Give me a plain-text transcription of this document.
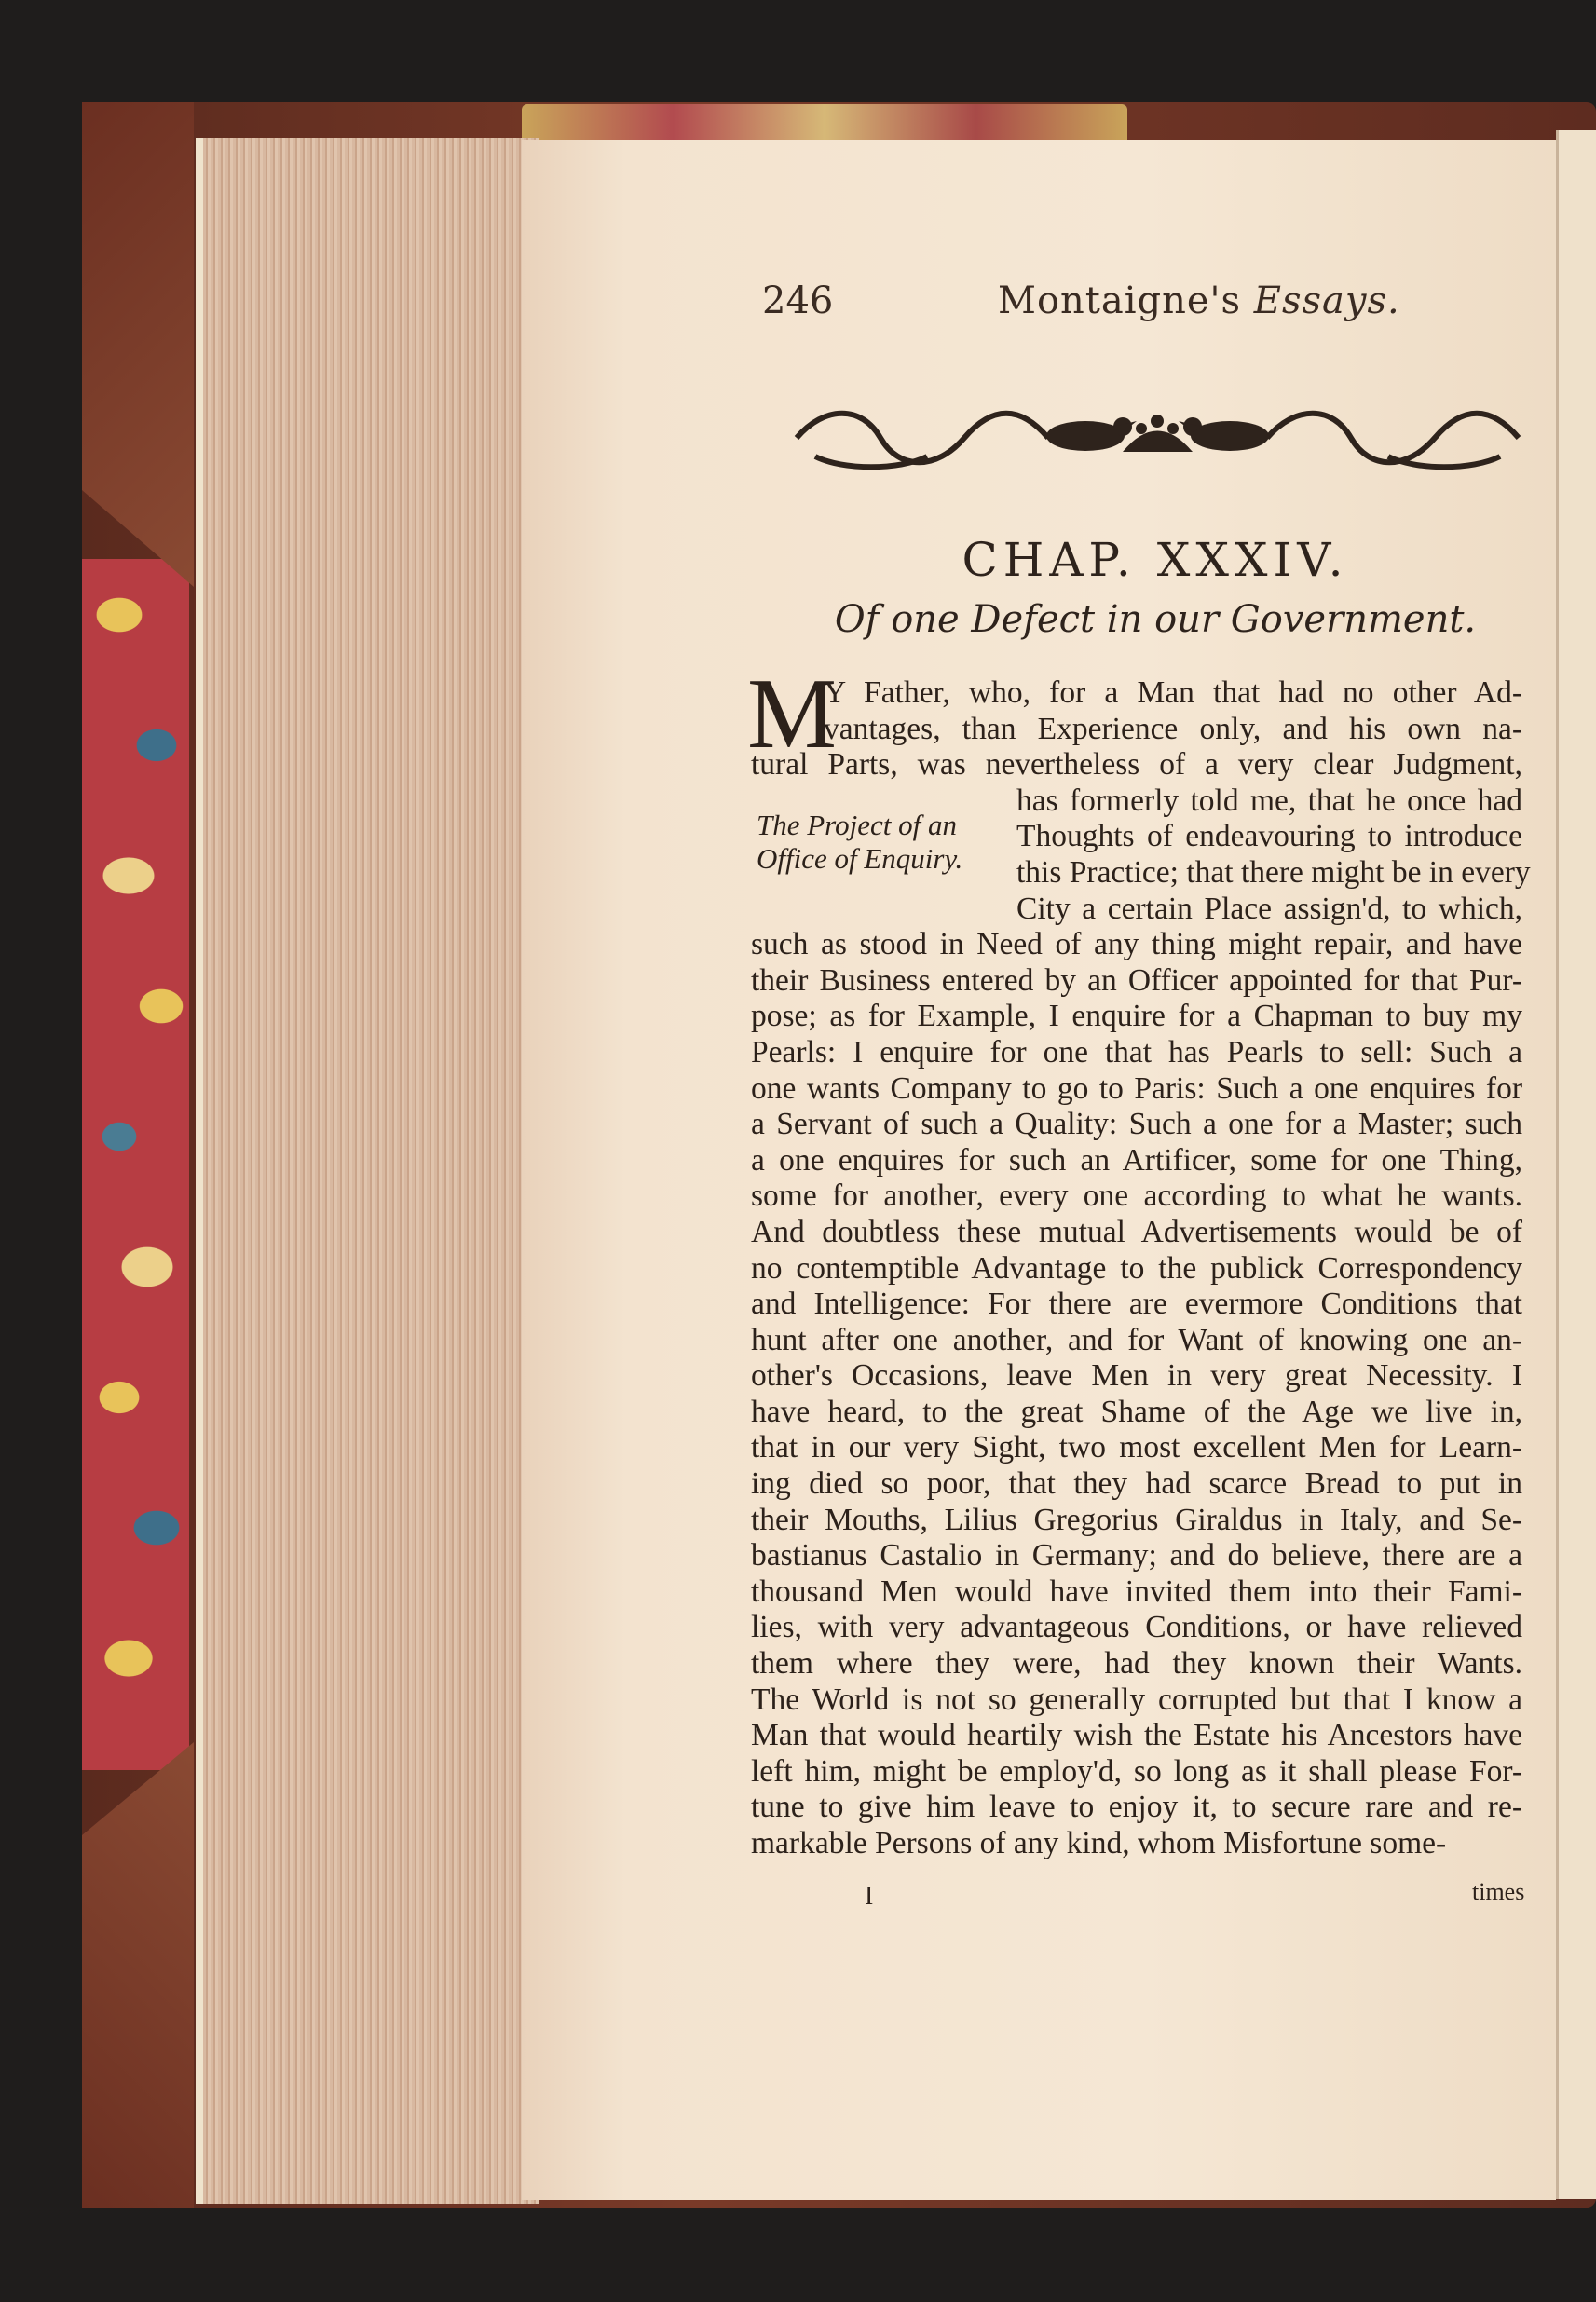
246	Montaigne's Essays.
CHAP. XXXIV.
Of one Defect in our Government.
M
The Project of an Office of Enquiry.
Y Father, who, for a Man that had no other Ad-
vantages, than Experience only, and his own na-
tural Parts, was nevertheless of a very clear Judgment,
has formerly told me, that he once had
Thoughts of endeavouring to introduce
this Practice; that there might be in every
City a certain Place assign'd, to which,
such as stood in Need of any thing might repair, and have
their Business entered by an Officer appointed for that Pur-
pose; as for Example, I enquire for a Chapman to buy my
Pearls: I enquire for one that has Pearls to sell: Such a
one wants Company to go to Paris: Such a one enquires for
a Servant of such a Quality: Such a one for a Master; such
a one enquires for such an Artificer, some for one Thing,
some for another, every one according to what he wants.
And doubtless these mutual Advertisements would be of
no contemptible Advantage to the publick Correspondency
and Intelligence: For there are evermore Conditions that
hunt after one another, and for Want of knowing one an-
other's Occasions, leave Men in very great Necessity. I
have heard, to the great Shame of the Age we live in,
that in our very Sight, two most excellent Men for Learn-
ing died so poor, that they had scarce Bread to put in
their Mouths, Lilius Gregorius Giraldus in Italy, and Se-
bastianus Castalio in Germany; and do believe, there are a
thousand Men would have invited them into their Fami-
lies, with very advantageous Conditions, or have relieved
them where they were, had they known their Wants.
The World is not so generally corrupted but that I know a
Man that would heartily wish the Estate his Ancestors have
left him, might be employ'd, so long as it shall please For-
tune to give him leave to enjoy it, to secure rare and re-
markable Persons of any kind, whom Misfortune some-
I	times
